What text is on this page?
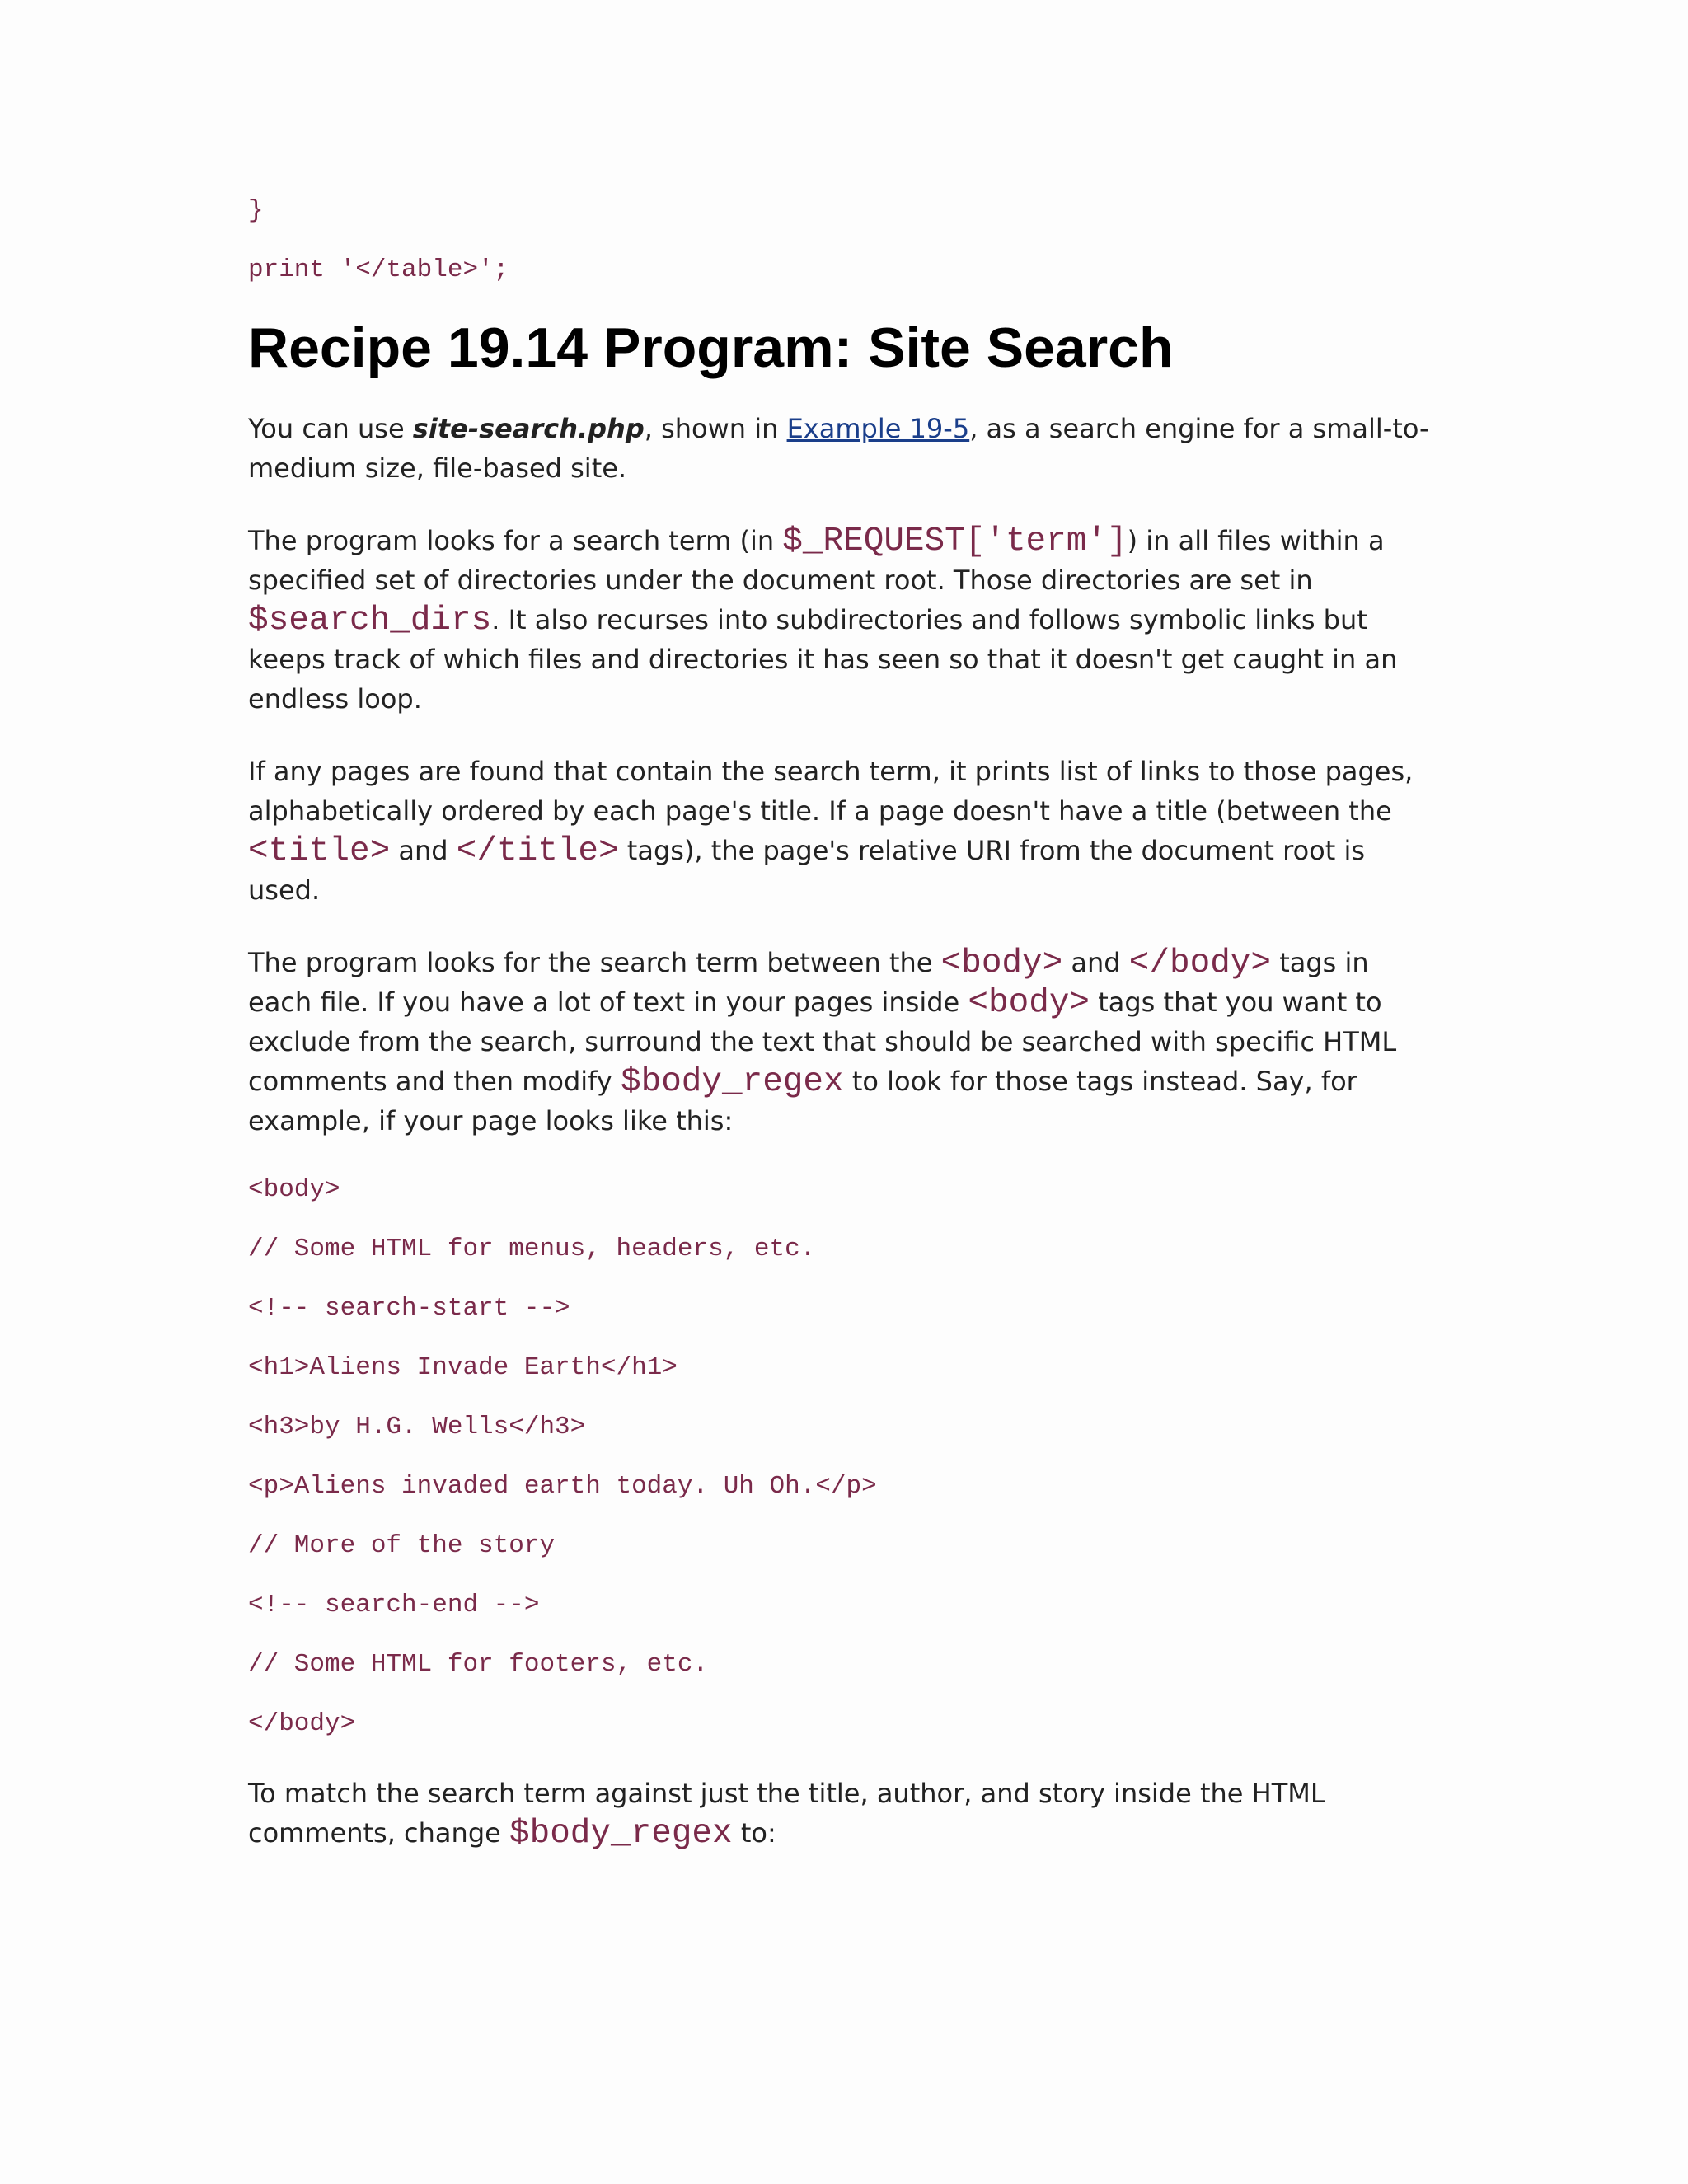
}

print '</table>';

Recipe 19.14 Program: Site Search

You can use site-search.php, shown in Example 19-5, as a search engine for a small-to-medium size, file-based site.

The program looks for a search term (in $_REQUEST['term']) in all files within a specified set of directories under the document root. Those directories are set in $search_dirs. It also recurses into subdirectories and follows symbolic links but keeps track of which files and directories it has seen so that it doesn't get caught in an endless loop.

If any pages are found that contain the search term, it prints list of links to those pages, alphabetically ordered by each page's title. If a page doesn't have a title (between the <title> and </title> tags), the page's relative URI from the document root is used.

The program looks for the search term between the <body> and </body> tags in each file. If you have a lot of text in your pages inside <body> tags that you want to exclude from the search, surround the text that should be searched with specific HTML comments and then modify $body_regex to look for those tags instead. Say, for example, if your page looks like this:

<body>

// Some HTML for menus, headers, etc.

<!-- search-start -->

<h1>Aliens Invade Earth</h1>

<h3>by H.G. Wells</h3>

<p>Aliens invaded earth today. Uh Oh.</p>

// More of the story

<!-- search-end -->

// Some HTML for footers, etc.

</body>

To match the search term against just the title, author, and story inside the HTML comments, change $body_regex to:
